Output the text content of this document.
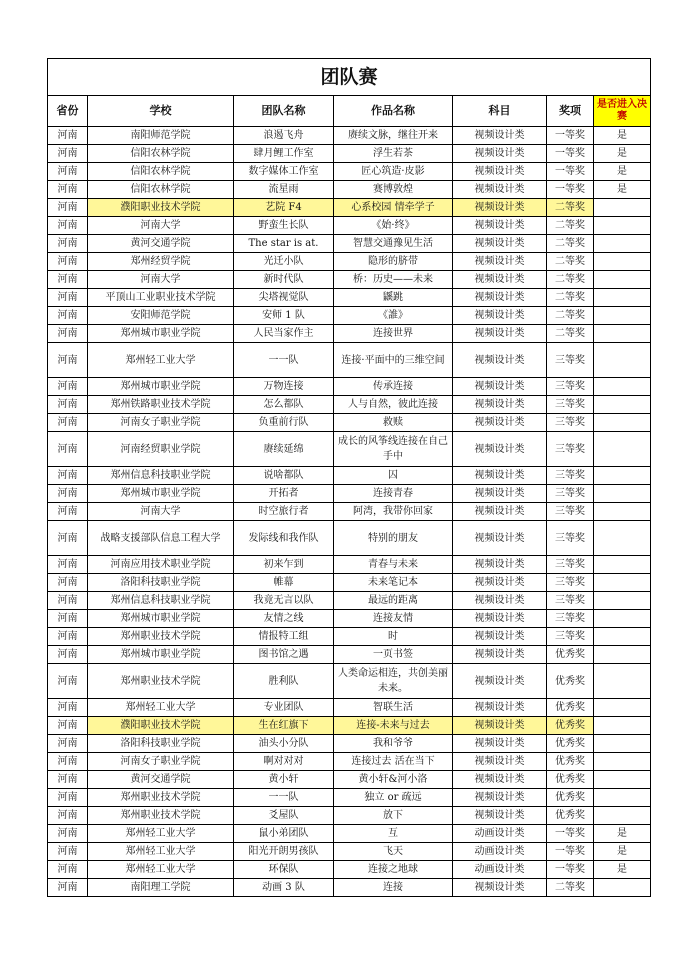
团队赛						
省份	学校	团队名称	作品名称	科目	奖项	是否进入决赛
河南	南阳师范学院	浪遏飞舟	赓续文脉，继往开来	视频设计类	一等奖	是
河南	信阳农林学院	肆月鲤工作室	浮生若茶	视频设计类	一等奖	是
河南	信阳农林学院	数字媒体工作室	匠心筑造·皮影	视频设计类	一等奖	是
河南	信阳农林学院	流星雨	赛博敦煌	视频设计类	一等奖	是
河南	濮阳职业技术学院	艺院 F4	心系校园 情牵学子	视频设计类	二等奖	
河南	河南大学	野蛮生长队	《始·终》	视频设计类	二等奖	
河南	黄河交通学院	The star is at.	智慧交通豫见生活	视频设计类	二等奖	
河南	郑州经贸学院	光迁小队	隐形的脐带	视频设计类	二等奖	
河南	河南大学	新时代队	桥：历史——未来	视频设计类	二等奖	
河南	平顶山工业职业技术学院	尖塔视觉队	鼷跳	视频设计类	二等奖	
河南	安阳师范学院	安师 1 队	《誰》	视频设计类	二等奖	
河南	郑州城市职业学院	人民当家作主	连接世界	视频设计类	二等奖	
河南	郑州轻工业大学	一一队	连接·平面中的三维空间	视频设计类	三等奖	
河南	郑州城市职业学院	万物连接	传承连接	视频设计类	三等奖	
河南	郑州铁路职业技术学院	怎么都队	人与自然，彼此连接	视频设计类	三等奖	
河南	河南女子职业学院	负重前行队	救赎	视频设计类	三等奖	
河南	河南经贸职业学院	赓续延绵	成长的风筝线连接在自己手中	视频设计类	三等奖	
河南	郑州信息科技职业学院	说啥都队	囚	视频设计类	三等奖	
河南	郑州城市职业学院	开拓者	连接青春	视频设计类	三等奖	
河南	河南大学	时空旅行者	阿湾，我带你回家	视频设计类	三等奖	
河南	战略支援部队信息工程大学	发际线和我作队	特别的朋友	视频设计类	三等奖	
河南	河南应用技术职业学院	初来乍到	青春与未来	视频设计类	三等奖	
河南	洛阳科技职业学院	帷幕	未来笔记本	视频设计类	三等奖	
河南	郑州信息科技职业学院	我竟无言以队	最远的距离	视频设计类	三等奖	
河南	郑州城市职业学院	友情之线	连接友情	视频设计类	三等奖	
河南	郑州职业技术学院	情报特工组	时	视频设计类	三等奖	
河南	郑州城市职业学院	图书馆之遇	一页书签	视频设计类	优秀奖	
河南	郑州职业技术学院	胜利队	人类命运相连，共创美丽未来。	视频设计类	优秀奖	
河南	郑州轻工业大学	专业团队	智联生活	视频设计类	优秀奖	
河南	濮阳职业技术学院	生在红旗下	连接-未来与过去	视频设计类	优秀奖	
河南	洛阳科技职业学院	油头小分队	我和爷爷	视频设计类	优秀奖	
河南	河南女子职业学院	啊对对对	连接过去 活在当下	视频设计类	优秀奖	
河南	黄河交通学院	黄小轩	黄小轩&河小洛	视频设计类	优秀奖	
河南	郑州职业技术学院	一一队	独立 or 疏远	视频设计类	优秀奖	
河南	郑州职业技术学院	爻屋队	放下	视频设计类	优秀奖	
河南	郑州轻工业大学	鼠小弟团队	互	动画设计类	一等奖	是
河南	郑州轻工业大学	阳光开朗男孩队	飞天	动画设计类	一等奖	是
河南	郑州轻工业大学	环保队	连接之地球	动画设计类	一等奖	是
河南	南阳理工学院	动画 3 队	连接	视频设计类	二等奖	
